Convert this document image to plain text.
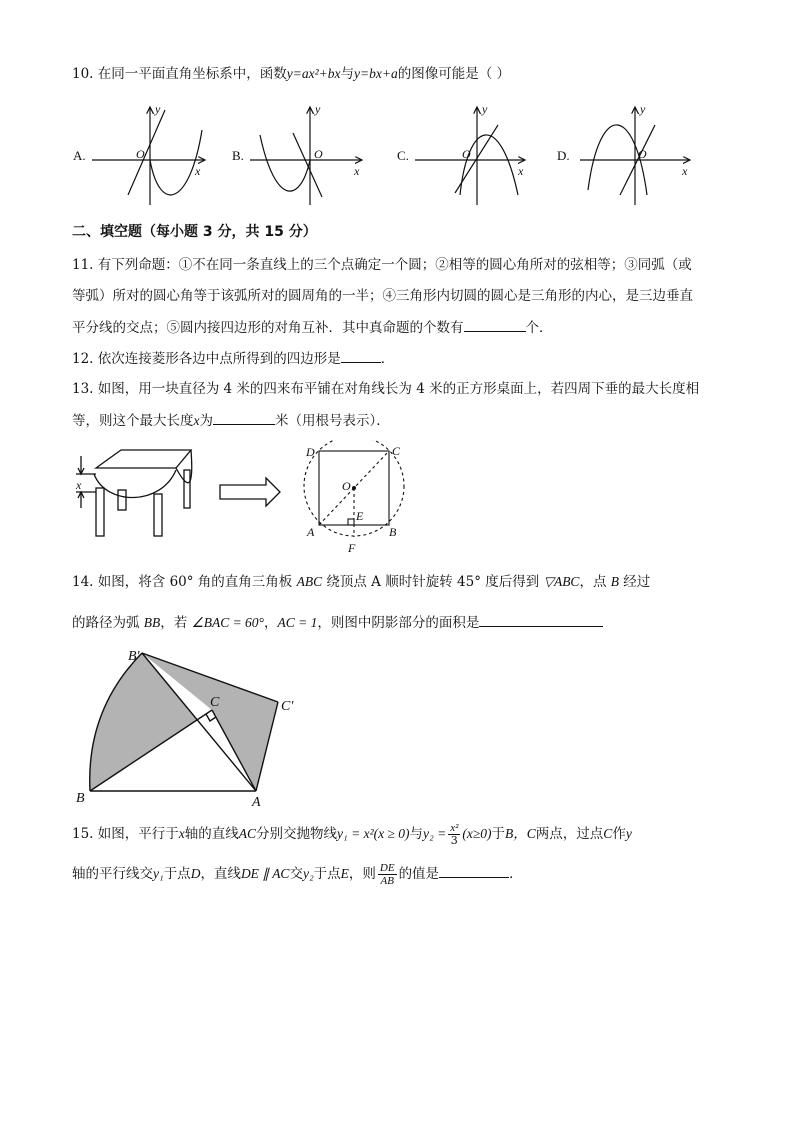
10. 在同一平面直角坐标系中，函数y=ax²+bx与y=bx+a的图像可能是（ ）
A.	B.	C.	D.
x
y
O
x
y
O
x
y
O
x
y
O
二、填空题（每小题 3 分，共 15 分）
11. 有下列命题：①不在同一条直线上的三个点确定一个圆；②相等的圆心角所对的弦相等；③同弧（或
等弧）所对的圆心角等于该弧所对的圆周角的一半；④三角形内切圆的圆心是三角形的内心，是三边垂直
平分线的交点；⑤圆内接四边形的对角互补．其中真命题的个数有	个．
12. 依次连接菱形各边中点所得到的四边形是	．
13. 如图，用一块直径为 4 米的四来布平铺在对角线长为 4 米的正方形桌面上，若四周下垂的最大长度相
等，则这个最大长度x为	米（用根号表示）．
x
D	C
O
E
A	B
F
14. 如图，将含 60° 角的直角三角板 ABC 绕顶点 A 顺时针旋转 45° 度后得到 ▽ABC，点 B 经过
的路径为弧 BB，若 ∠BAC = 60°，AC = 1，则图中阴影部分的面积是
B′
C	C′
B	A
15. 如图，平行于x轴的直线AC分别交抛物线y₁ = x²(x ≥ 0)与$y_2 = \frac{\text{x²}}{3} (x\ge 0)$于B，C两点，过点C作y
轴的平行线交y₁于点D，直线DE ∥ AC交y₂于点E，则 $\frac{DE}{AB}$ 的值是	．
